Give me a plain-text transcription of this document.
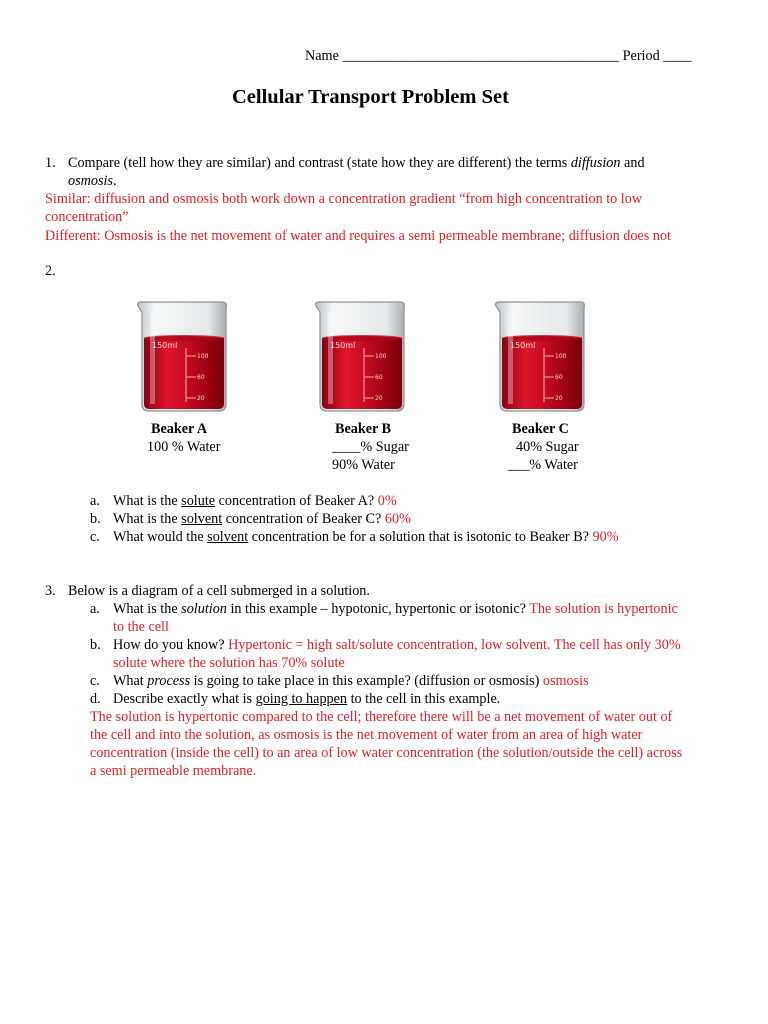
Name _______________________________________ Period ____
Cellular Transport Problem Set
1. Compare (tell how they are similar) and contrast (state how they are different) the terms diffusion and
osmosis.
Similar: diffusion and osmosis both work down a concentration gradient “from high concentration to low
concentration”
Different: Osmosis is the net movement of water and requires a semi permeable membrane; diffusion does not
2.
150ml
100
60
20
150ml
100
60
20
150ml
100
60
20
Beaker A
100 % Water
Beaker B
____% Sugar
90% Water
Beaker C
40% Sugar
___% Water
a. What is the solute concentration of Beaker A? 0%
b. What is the solvent concentration of Beaker C? 60%
c. What would the solvent concentration be for a solution that is isotonic to Beaker B? 90%
3. Below is a diagram of a cell submerged in a solution.
a. What is the solution in this example – hypotonic, hypertonic or isotonic? The solution is hypertonic
to the cell
b. How do you know? Hypertonic = high salt/solute concentration, low solvent. The cell has only 30%
solute where the solution has 70% solute
c. What process is going to take place in this example? (diffusion or osmosis) osmosis
d. Describe exactly what is going to happen to the cell in this example.
The solution is hypertonic compared to the cell; therefore there will be a net movement of water out of
the cell and into the solution, as osmosis is the net movement of water from an area of high water
concentration (inside the cell) to an area of low water concentration (the solution/outside the cell) across
a semi permeable membrane.
